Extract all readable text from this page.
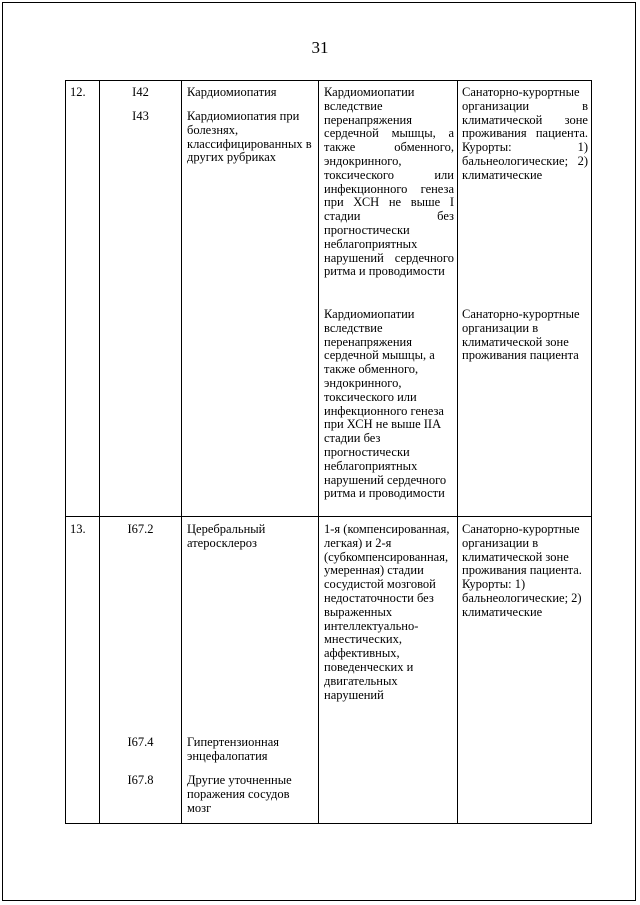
31
12.	I42
I43
Кардиомиопатия
Кардиомиопатия при болезнях, классифицированных в других рубриках
Кардиомиопатии вследствие перенапряжения сердечной мышцы, а также обменного, эндокринного, токсического или инфекционного генеза при ХСН не выше I стадии без прогностически неблагоприятных нарушений сердечного ритма и проводимости
Кардиомиопатии вследствие перенапряжения сердечной мышцы, а также обменного, эндокринного, токсического или инфекционного генеза при ХСН не выше IIA стадии без прогностически неблагоприятных нарушений сердечного ритма и проводимости
Санаторно-курортные организации в климатической зоне проживания пациента. Курорты: 1) бальнеологические; 2) климатические
Санаторно-курортные организации в климатической зоне проживания пациента
13.	I67.2
I67.4
I67.8
Церебральный атеросклероз
Гипертензионная энцефалопатия
Другие уточненные поражения сосудов мозг
1-я (компенсированная, легкая) и 2-я (субкомпенсированная, умеренная) стадии сосудистой мозговой недостаточности без выраженных интеллектуально-мнестических, аффективных, поведенческих и двигательных нарушений
Санаторно-курортные организации в климатической зоне проживания пациента. Курорты: 1) бальнеологические; 2) климатические
